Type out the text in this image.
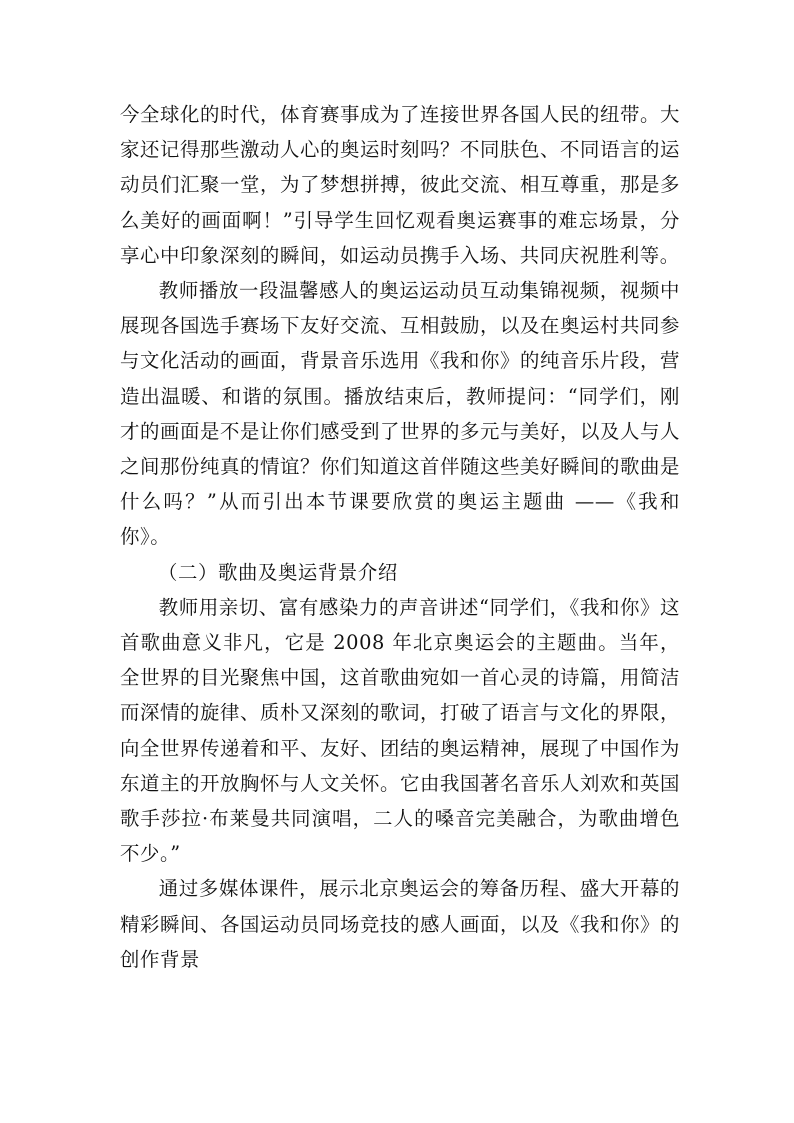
今全球化的时代，体育赛事成为了连接世界各国人民的纽带。大家还记得那些激动人心的奥运时刻吗？不同肤色、不同语言的运动员们汇聚一堂，为了梦想拼搏，彼此交流、相互尊重，那是多么美好的画面啊！”引导学生回忆观看奥运赛事的难忘场景，分享心中印象深刻的瞬间，如运动员携手入场、共同庆祝胜利等。

教师播放一段温馨感人的奥运运动员互动集锦视频，视频中展现各国选手赛场下友好交流、互相鼓励，以及在奥运村共同参与文化活动的画面，背景音乐选用《我和你》的纯音乐片段，营造出温暖、和谐的氛围。播放结束后，教师提问：“同学们，刚才的画面是不是让你们感受到了世界的多元与美好，以及人与人之间那份纯真的情谊？你们知道这首伴随这些美好瞬间的歌曲是什么吗？”从而引出本节课要欣赏的奥运主题曲 ——《我和你》。

（二）歌曲及奥运背景介绍

教师用亲切、富有感染力的声音讲述“同学们，《我和你》这首歌曲意义非凡，它是 2008 年北京奥运会的主题曲。当年，全世界的目光聚焦中国，这首歌曲宛如一首心灵的诗篇，用简洁而深情的旋律、质朴又深刻的歌词，打破了语言与文化的界限，向全世界传递着和平、友好、团结的奥运精神，展现了中国作为东道主的开放胸怀与人文关怀。它由我国著名音乐人刘欢和英国歌手莎拉·布莱曼共同演唱，二人的嗓音完美融合，为歌曲增色不少。”

通过多媒体课件，展示北京奥运会的筹备历程、盛大开幕的精彩瞬间、各国运动员同场竞技的感人画面，以及《我和你》的创作背景
